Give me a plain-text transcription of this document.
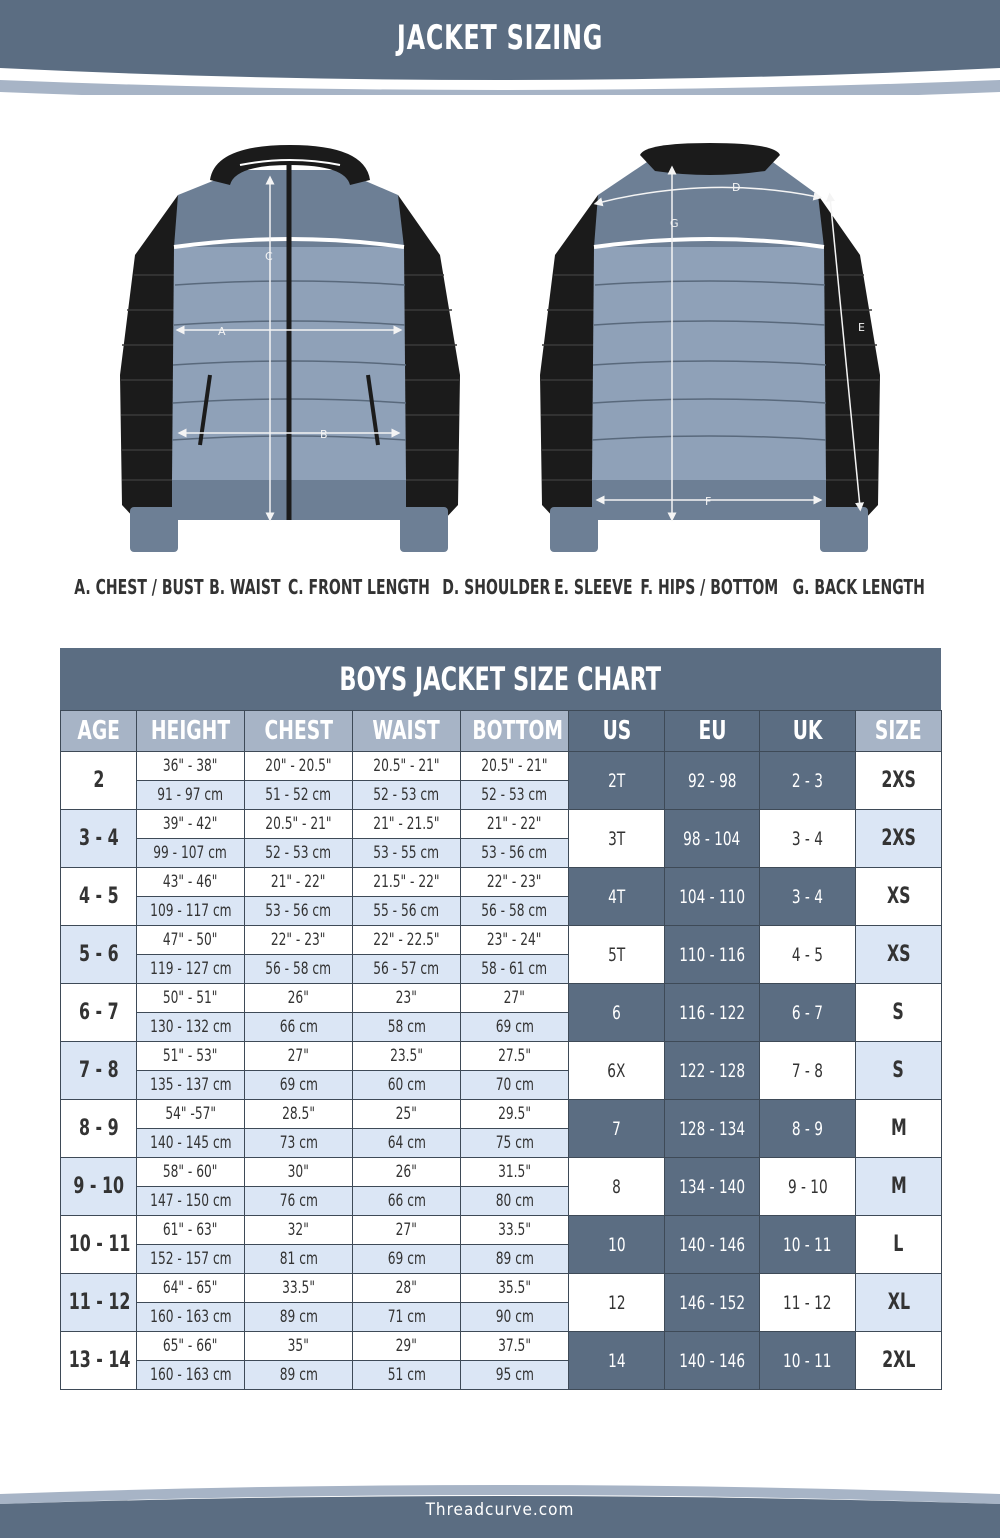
JACKET SIZING
C
A
B
D
G
E
F
A. CHEST / BUST B. WAIST C. FRONT LENGTH D. SHOULDER E. SLEEVE F. HIPS / BOTTOM G. BACK LENGTH
BOYS JACKET SIZE CHART
AGE	HEIGHT	CHEST	WAIST	BOTTOM	US	EU	UK	SIZE
2	36" - 38"	20" - 20.5"	20.5" - 21"	20.5" - 21"	2T	92 - 98	2 - 3	2XS
	91 - 97 cm	51 - 52 cm	52 - 53 cm	52 - 53 cm				
3 - 4	39" - 42"	20.5" - 21"	21" - 21.5"	21" - 22"	3T	98 - 104	3 - 4	2XS
	99 - 107 cm	52 - 53 cm	53 - 55 cm	53 - 56 cm				
4 - 5	43" - 46"	21" - 22"	21.5" - 22"	22" - 23"	4T	104 - 110	3 - 4	XS
	109 - 117 cm	53 - 56 cm	55 - 56 cm	56 - 58 cm				
5 - 6	47" - 50"	22" - 23"	22" - 22.5"	23" - 24"	5T	110 - 116	4 - 5	XS
	119 - 127 cm	56 - 58 cm	56 - 57 cm	58 - 61 cm				
6 - 7	50" - 51"	26"	23"	27"	6	116 - 122	6 - 7	S
	130 - 132 cm	66 cm	58 cm	69 cm				
7 - 8	51" - 53"	27"	23.5"	27.5"	6X	122 - 128	7 - 8	S
	135 - 137 cm	69 cm	60 cm	70 cm				
8 - 9	54" -57"	28.5"	25"	29.5"	7	128 - 134	8 - 9	M
	140 - 145 cm	73 cm	64 cm	75 cm				
9 - 10	58" - 60"	30"	26"	31.5"	8	134 - 140	9 - 10	M
	147 - 150 cm	76 cm	66 cm	80 cm				
10 - 11	61" - 63"	32"	27"	33.5"	10	140 - 146	10 - 11	L
	152 - 157 cm	81 cm	69 cm	89 cm				
11 - 12	64" - 65"	33.5"	28"	35.5"	12	146 - 152	11 - 12	XL
	160 - 163 cm	89 cm	71 cm	90 cm				
13 - 14	65" - 66"	35"	29"	37.5"	14	140 - 146	10 - 11	2XL
	160 - 163 cm	89 cm	51 cm	95 cm				
Threadcurve.com
